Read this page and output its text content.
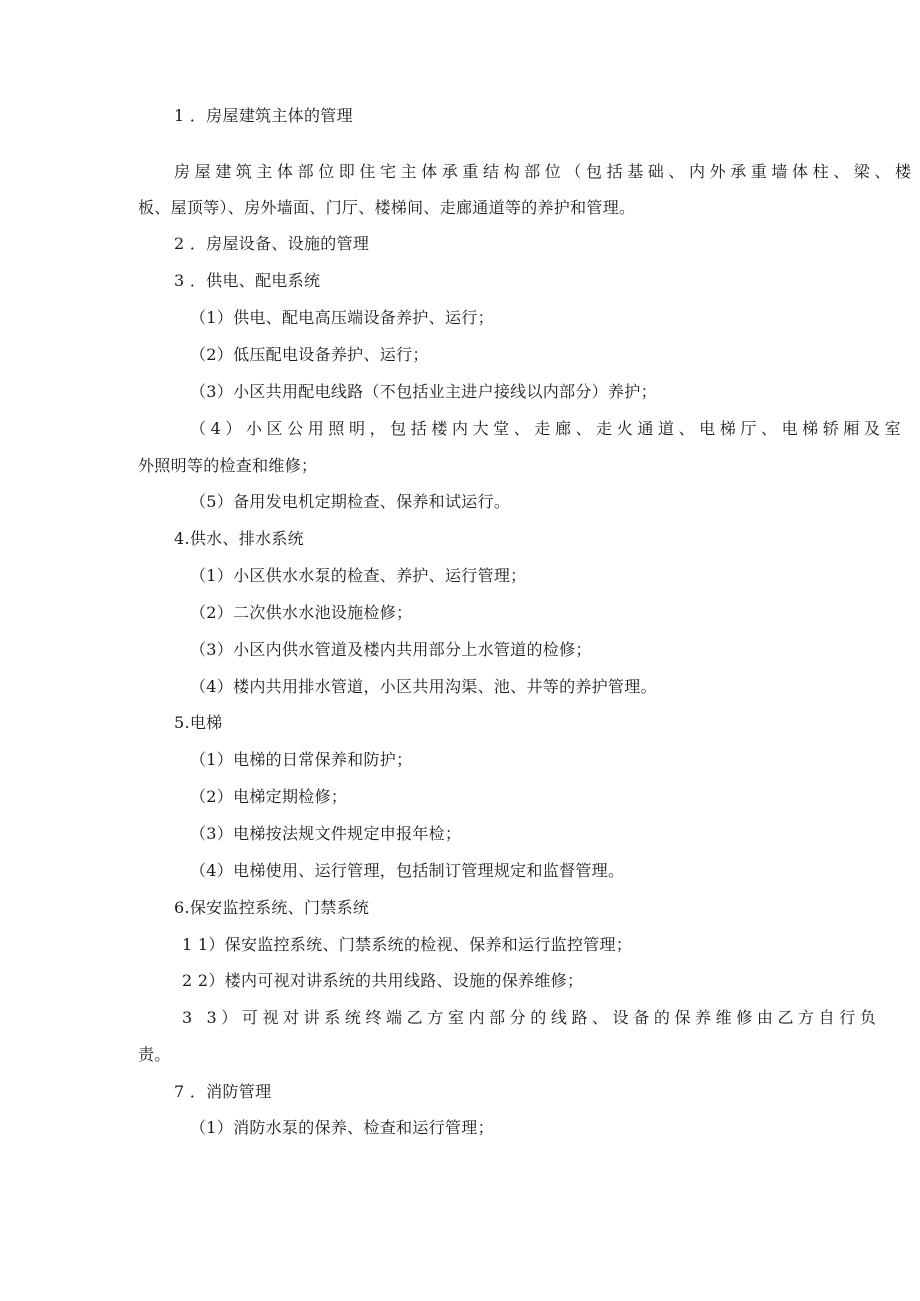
1 ．房屋建筑主体的管理
房屋建筑主体部位即住宅主体承重结构部位（包括基础、内外承重墙体柱、梁、楼
板、屋顶等）、房外墙面、门厅、楼梯间、走廊通道等的养护和管理。
2 ．房屋设备、设施的管理
3 ．供电、配电系统
（1）供电、配电高压端设备养护、运行；
（2）低压配电设备养护、运行；
（3）小区共用配电线路（不包括业主进户接线以内部分）养护；
（4）小区公用照明，包括楼内大堂、走廊、走火通道、电梯厅、电梯轿厢及室
外照明等的检查和维修；
（5）备用发电机定期检查、保养和试运行。
4.供水、排水系统
（1）小区供水水泵的检查、养护、运行管理；
（2）二次供水水池设施检修；
（3）小区内供水管道及楼内共用部分上水管道的检修；
（4）楼内共用排水管道，小区共用沟渠、池、井等的养护管理。
5.电梯
（1）电梯的日常保养和防护；
（2）电梯定期检修；
（3）电梯按法规文件规定申报年检；
（4）电梯使用、运行管理，包括制订管理规定和监督管理。
6.保安监控系统、门禁系统
1 1）保安监控系统、门禁系统的检视、保养和运行监控管理；
2 2）楼内可视对讲系统的共用线路、设施的保养维修；
3 3）可视对讲系统终端乙方室内部分的线路、设备的保养维修由乙方自行负
责。
7 ．消防管理
（1）消防水泵的保养、检查和运行管理；
